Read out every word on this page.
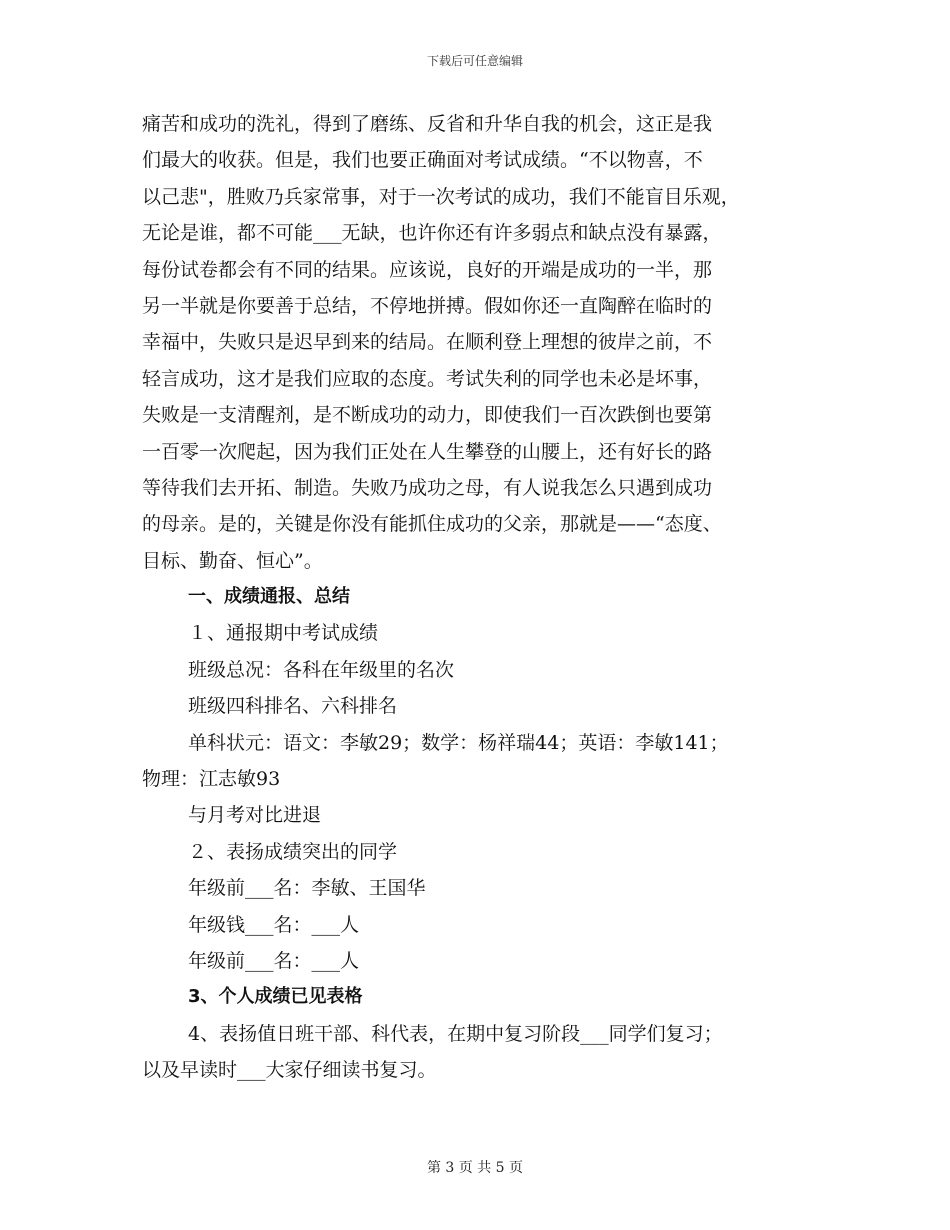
下载后可任意编辑
痛苦和成功的洗礼，得到了磨练、反省和升华自我的机会，这正是我
们最大的收获。但是，我们也要正确面对考试成绩。“不以物喜，不
以己悲"，胜败乃兵家常事，对于一次考试的成功，我们不能盲目乐观，
无论是谁，都不可能___无缺，也许你还有许多弱点和缺点没有暴露，
每份试卷都会有不同的结果。应该说，良好的开端是成功的一半，那
另一半就是你要善于总结，不停地拼搏。假如你还一直陶醉在临时的
幸福中，失败只是迟早到来的结局。在顺利登上理想的彼岸之前，不
轻言成功，这才是我们应取的态度。考试失利的同学也未必是坏事，
失败是一支清醒剂，是不断成功的动力，即使我们一百次跌倒也要第
一百零一次爬起，因为我们正处在人生攀登的山腰上，还有好长的路
等待我们去开拓、制造。失败乃成功之母，有人说我怎么只遇到成功
的母亲。是的，关键是你没有能抓住成功的父亲，那就是——“态度、
目标、勤奋、恒心”。
一、成绩通报、总结
１、通报期中考试成绩
班级总况：各科在年级里的名次
班级四科排名、六科排名
单科状元：语文：李敏29；数学：杨祥瑞44；英语：李敏141；
物理：江志敏93
与月考对比进退
２、表扬成绩突出的同学
年级前___名：李敏、王国华
年级钱___名：___人
年级前___名：___人
3、个人成绩已见表格
4、表扬值日班干部、科代表，在期中复习阶段___同学们复习；
以及早读时___大家仔细读书复习。
第 3 页 共 5 页
